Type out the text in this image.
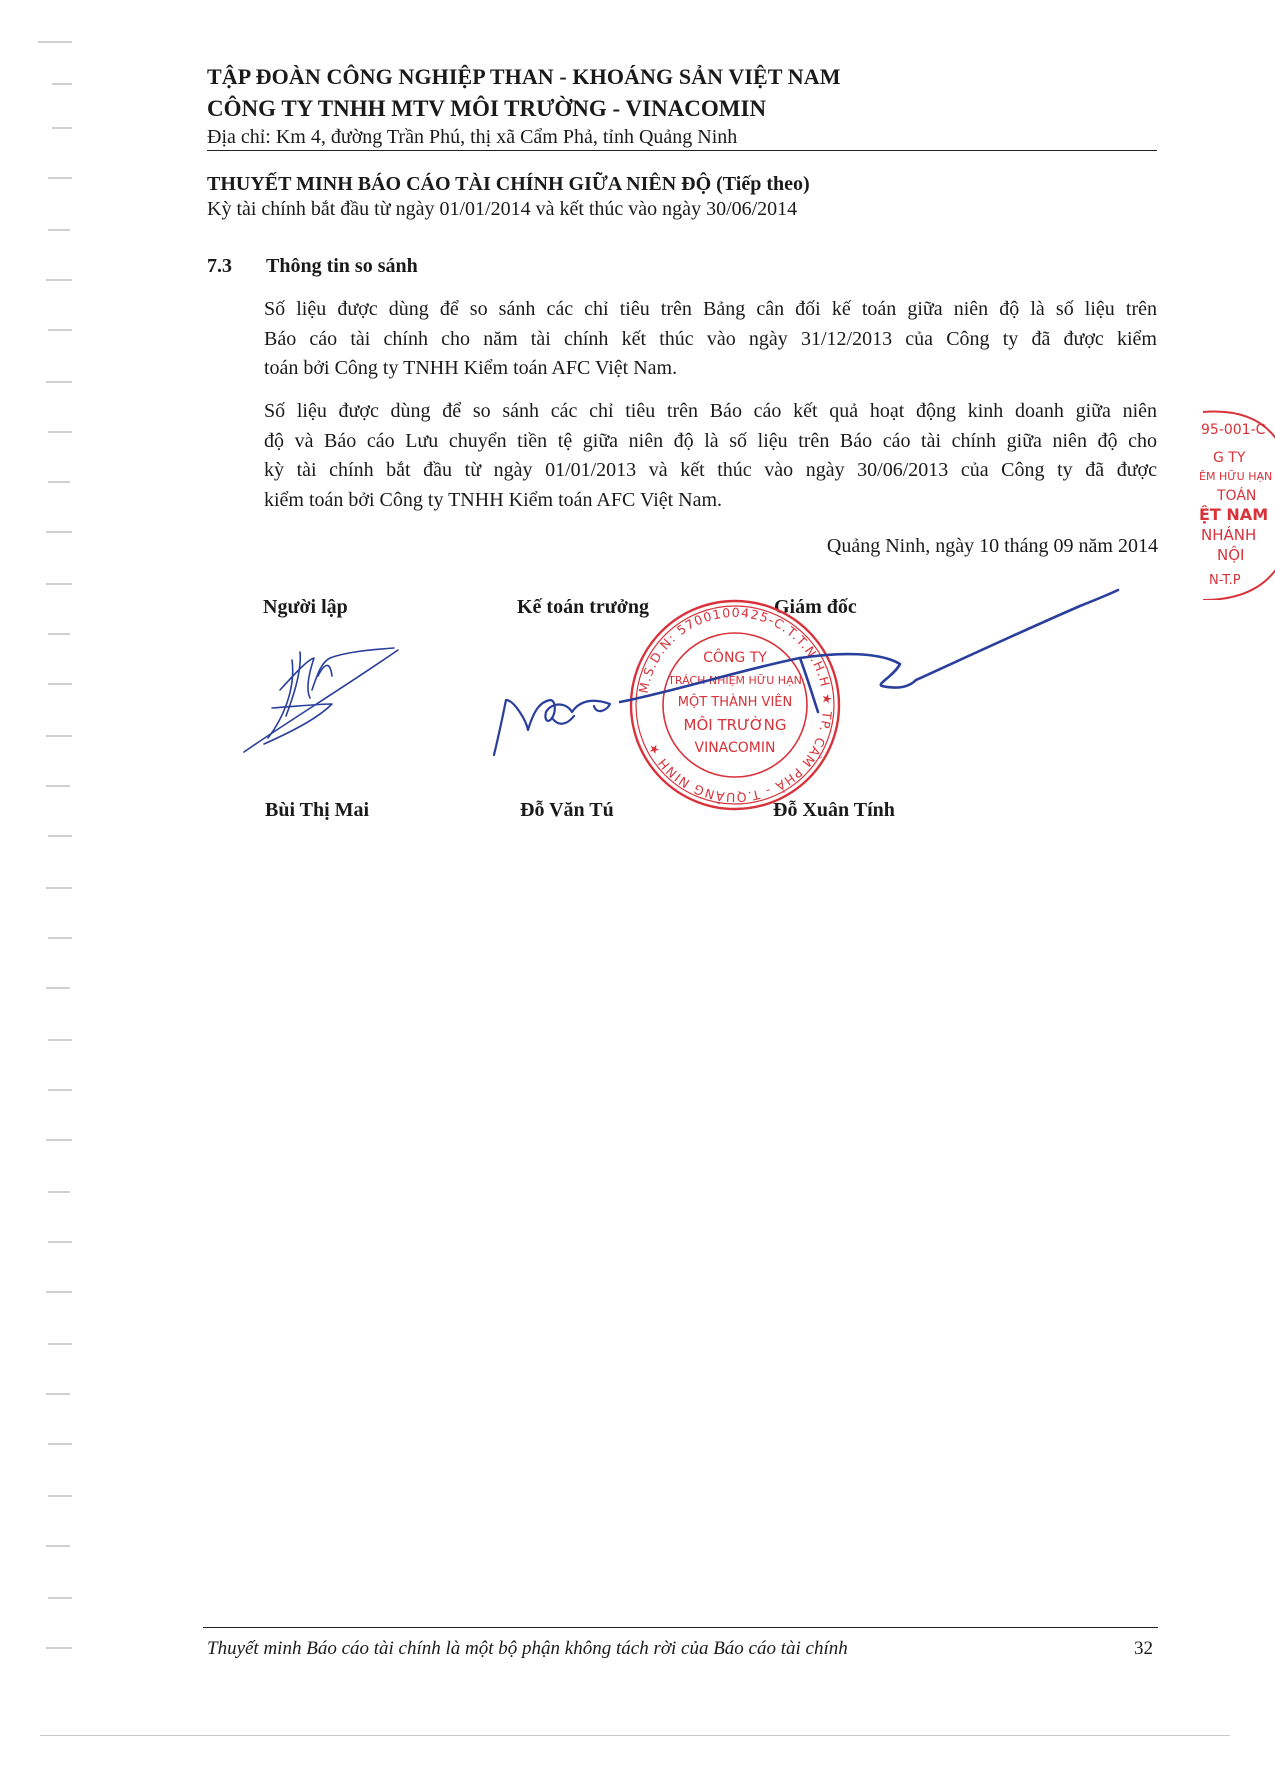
TẬP ĐOÀN CÔNG NGHIỆP THAN - KHOÁNG SẢN VIỆT NAM
CÔNG TY TNHH MTV MÔI TRƯỜNG - VINACOMIN
Địa chỉ: Km 4, đường Trần Phú, thị xã Cẩm Phả, tỉnh Quảng Ninh
THUYẾT MINH BÁO CÁO TÀI CHÍNH GIỮA NIÊN ĐỘ (Tiếp theo)
Kỳ tài chính bắt đầu từ ngày 01/01/2014 và kết thúc vào ngày 30/06/2014
7.3 Thông tin so sánh
Số liệu được dùng để so sánh các chỉ tiêu trên Bảng cân đối kế toán giữa niên độ là số liệu trên
Báo cáo tài chính cho năm tài chính kết thúc vào ngày 31/12/2013 của Công ty đã được kiểm
toán bởi Công ty TNHH Kiểm toán AFC Việt Nam.
Số liệu được dùng để so sánh các chỉ tiêu trên Báo cáo kết quả hoạt động kinh doanh giữa niên
độ và Báo cáo Lưu chuyển tiền tệ giữa niên độ là số liệu trên Báo cáo tài chính giữa niên độ cho
kỳ tài chính bắt đầu từ ngày 01/01/2013 và kết thúc vào ngày 30/06/2013 của Công ty đã được
kiểm toán bởi Công ty TNHH Kiểm toán AFC Việt Nam.
Quảng Ninh, ngày 10 tháng 09 năm 2014
Người lập	Kế toán trưởng	Giám đốc
M.S.D.N: 5700100425-C.T.T.N.H.H ★ TP. CẨM PHẢ - T.QUẢNG NINH ★
CÔNG TY
TRÁCH NHIỆM HỮU HẠN
MỘT THÀNH VIÊN
MÔI TRƯỜNG
VINACOMIN
95-001-C
G TY
ÊM HỮU HẠN
TOÁN
ỆT NAM
NHÁNH
NỘI
N-T.P
Bùi Thị Mai	Đỗ Văn Tú	Đỗ Xuân Tính
Thuyết minh Báo cáo tài chính là một bộ phận không tách rời của Báo cáo tài chính	32
